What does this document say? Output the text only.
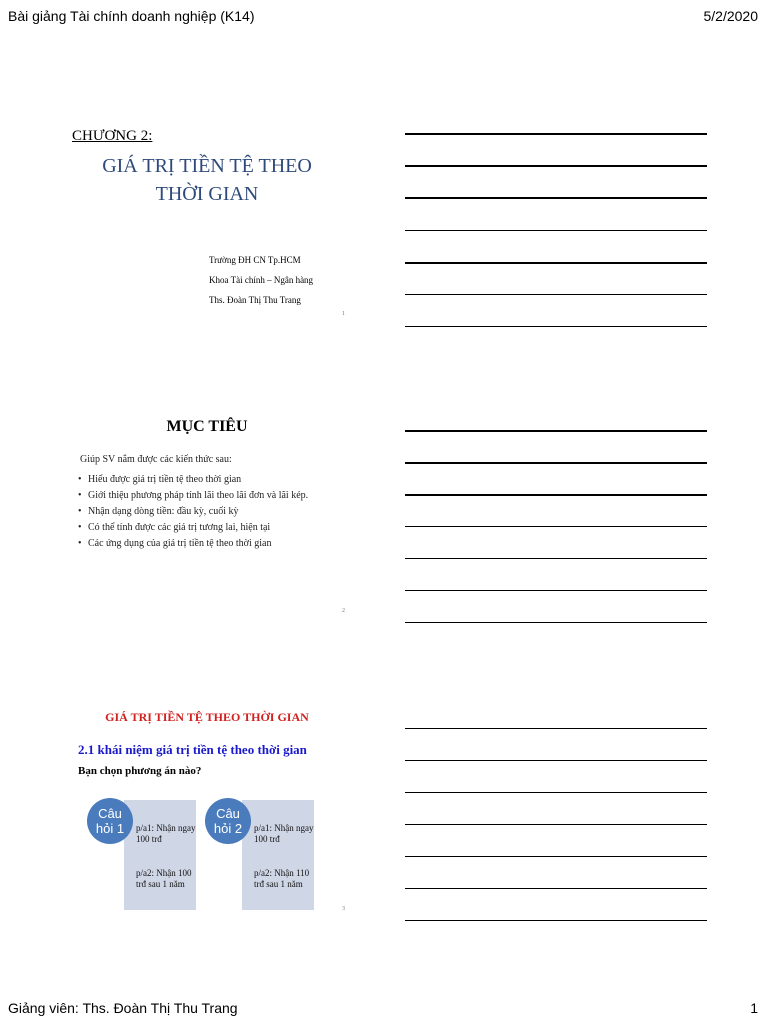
Bài giảng Tài chính doanh nghiệp (K14)	5/2/2020
CHƯƠNG 2:
GIÁ TRỊ TIỀN TỆ THEO
THỜI GIAN
Trường ĐH CN Tp.HCM
Khoa Tài chính – Ngân hàng
Ths. Đoàn Thị Thu Trang
1
MỤC TIÊU
Giúp SV nắm được các kiến thức sau:
• Hiểu được giá trị tiền tệ theo thời gian
• Giới thiệu phương pháp tính lãi theo lãi đơn và lãi kép.
• Nhận dạng dòng tiền: đầu kỳ, cuối kỳ
• Có thể tính được các giá trị tương lai, hiện tại
• Các ứng dụng của giá trị tiền tệ theo thời gian
2
GIÁ TRỊ TIỀN TỆ THEO THỜI GIAN
2.1 khái niệm giá trị tiền tệ theo thời gian
Bạn chọn phương án nào?
Câu
hỏi 1 p/a1: Nhận ngay 100 trđ
p/a2: Nhận 100 trđ sau 1 năm
Câu
hỏi 2 p/a1: Nhận ngay 100 trđ
p/a2: Nhận 110 trđ sau 1 năm
3
Giảng viên: Ths. Đoàn Thị Thu Trang	1
